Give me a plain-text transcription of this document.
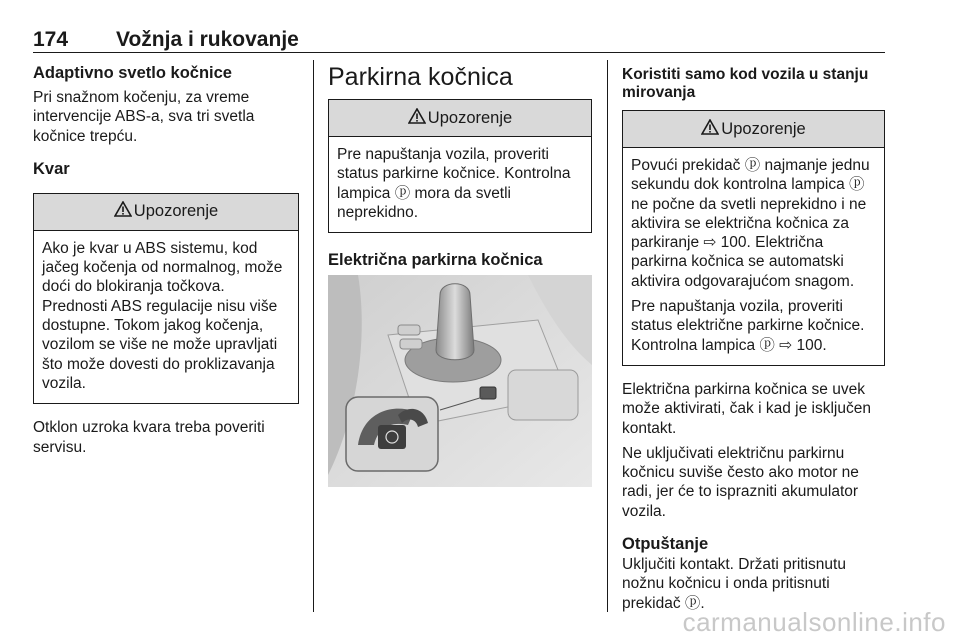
174 Vožnja i rukovanje
Adaptivno svetlo kočnice

Pri snažnom kočenju, za vreme intervencije ABS-a, sva tri svetla kočnice trepću.

Kvar
Upozorenje

Ako je kvar u ABS sistemu, kod jačeg kočenja od normalnog, može doći do blokiranja točkova. Prednosti ABS regulacije nisu više dostupne. Tokom jakog kočenja, vozilom se više ne može upravljati što može dovesti do proklizavanja vozila.

Otklon uzroka kvara treba poveriti servisu.

Parkirna kočnica
Upozorenje

Pre napuštanja vozila, proveriti status parkirne kočnice. Kontrolna lampica ⓟ mora da svetli neprekidno.

Električna parkirna kočnica
Koristiti samo kod vozila u stanju mirovanja
Upozorenje

Povući prekidač ⓟ najmanje jednu sekundu dok kontrolna lampica ⓟ ne počne da svetli neprekidno i ne aktivira se električna kočnica za parkiranje ⇨ 100. Električna parkirna kočnica se automatski aktivira odgovarajućom snagom.

Pre napuštanja vozila, proveriti status električne parkirne kočnice. Kontrolna lampica ⓟ ⇨ 100.

Električna parkirna kočnica se uvek može aktivirati, čak i kad je isključen kontakt.

Ne uključivati električnu parkirnu kočnicu suviše često ako motor ne radi, jer će to isprazniti akumulator vozila.

Otpuštanje

Uključiti kontakt. Držati pritisnutu nožnu kočnicu i onda pritisnuti prekidač ⓟ.

carmanualsonline.info
